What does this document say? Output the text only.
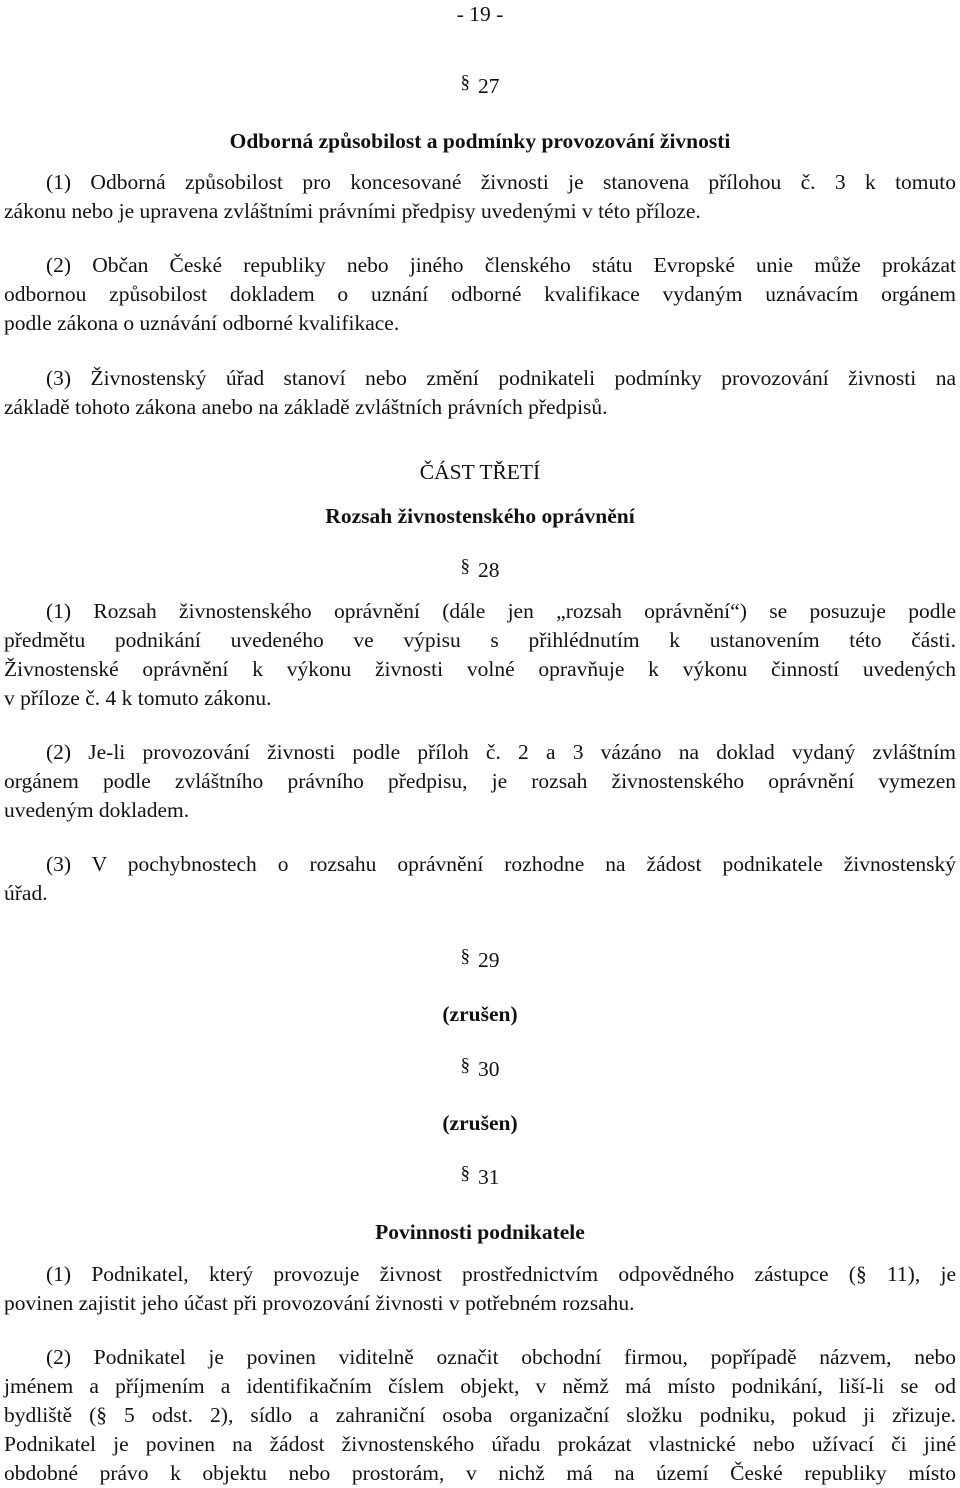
- 19 -
§ 27
Odborná způsobilost a podmínky provozování živnosti
(1) Odborná způsobilost pro koncesované živnosti je stanovena přílohou č. 3 k tomuto
zákonu nebo je upravena zvláštními právními předpisy uvedenými v této příloze.
(2) Občan České republiky nebo jiného členského státu Evropské unie může prokázat
odbornou způsobilost dokladem o uznání odborné kvalifikace vydaným uznávacím orgánem
podle zákona o uznávání odborné kvalifikace.
(3) Živnostenský úřad stanoví nebo změní podnikateli podmínky provozování živnosti na
základě tohoto zákona anebo na základě zvláštních právních předpisů.
ČÁST TŘETÍ
Rozsah živnostenského oprávnění
§ 28
(1) Rozsah živnostenského oprávnění (dále jen „rozsah oprávnění“) se posuzuje podle
předmětu podnikání uvedeného ve výpisu s přihlédnutím k ustanovením této části.
Živnostenské oprávnění k výkonu živnosti volné opravňuje k výkonu činností uvedených
v příloze č. 4 k tomuto zákonu.
(2) Je-li provozování živnosti podle příloh č. 2 a 3 vázáno na doklad vydaný zvláštním
orgánem podle zvláštního právního předpisu, je rozsah živnostenského oprávnění vymezen
uvedeným dokladem.
(3) V pochybnostech o rozsahu oprávnění rozhodne na žádost podnikatele živnostenský
úřad.
§ 29
(zrušen)
§ 30
(zrušen)
§ 31
Povinnosti podnikatele
(1) Podnikatel, který provozuje živnost prostřednictvím odpovědného zástupce (§ 11), je
povinen zajistit jeho účast při provozování živnosti v potřebném rozsahu.
(2) Podnikatel je povinen viditelně označit obchodní firmou, popřípadě názvem, nebo
jménem a příjmením a identifikačním číslem objekt, v němž má místo podnikání, liší-li se od
bydliště (§ 5 odst. 2), sídlo a zahraniční osoba organizační složku podniku, pokud ji zřizuje.
Podnikatel je povinen na žádost živnostenského úřadu prokázat vlastnické nebo užívací či jiné
obdobné právo k objektu nebo prostorám, v nichž má na území České republiky místo
